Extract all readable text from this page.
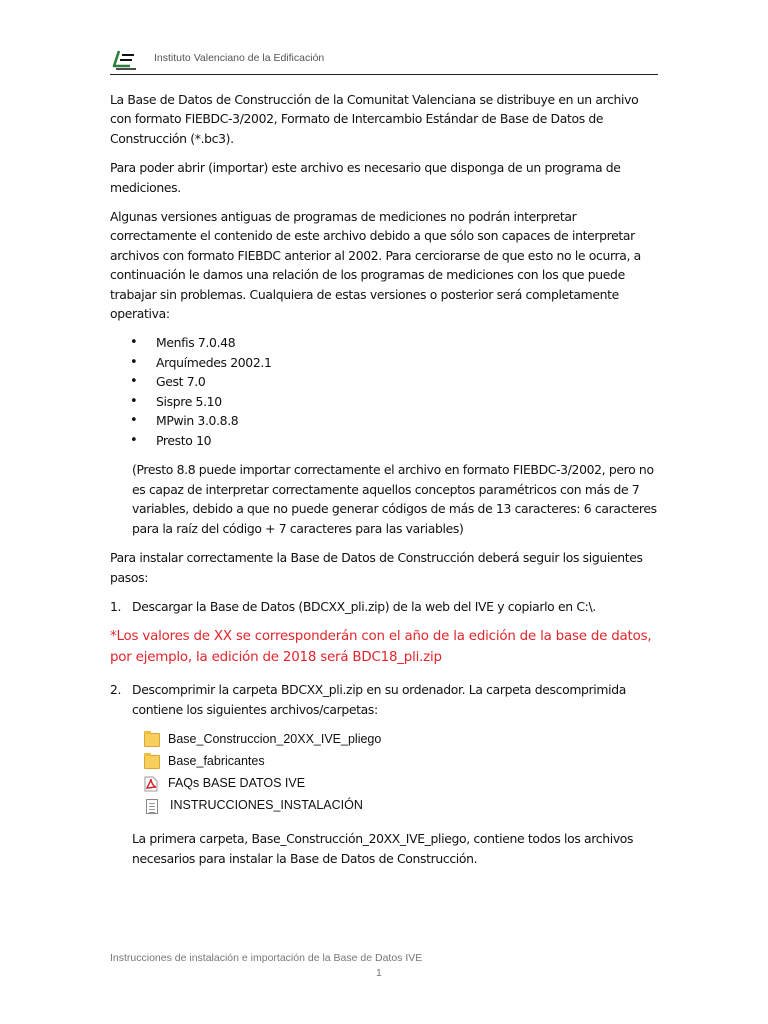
Instituto Valenciano de la Edificación

La Base de Datos de Construcción de la Comunitat Valenciana se distribuye en un archivo con formato FIEBDC-3/2002, Formato de Intercambio Estándar de Base de Datos de Construcción (*.bc3).

Para poder abrir (importar) este archivo es necesario que disponga de un programa de mediciones.

Algunas versiones antiguas de programas de mediciones no podrán interpretar correctamente el contenido de este archivo debido a que sólo son capaces de interpretar archivos con formato FIEBDC anterior al 2002. Para cerciorarse de que esto no le ocurra, a continuación le damos una relación de los programas de mediciones con los que puede trabajar sin problemas. Cualquiera de estas versiones o posterior será completamente operativa:

• Menfis 7.0.48
• Arquímedes 2002.1
• Gest 7.0
• Sispre 5.10
• MPwin 3.0.8.8
• Presto 10

(Presto 8.8 puede importar correctamente el archivo en formato FIEBDC-3/2002, pero no es capaz de interpretar correctamente aquellos conceptos paramétricos con más de 7 variables, debido a que no puede generar códigos de más de 13 caracteres: 6 caracteres para la raíz del código + 7 caracteres para las variables)

Para instalar correctamente la Base de Datos de Construcción deberá seguir los siguientes pasos:

1. Descargar la Base de Datos (BDCXX_pli.zip) de la web del IVE y copiarlo en C:\.

*Los valores de XX se corresponderán con el año de la edición de la base de datos, por ejemplo, la edición de 2018 será BDC18_pli.zip

2. Descomprimir la carpeta BDCXX_pli.zip en su ordenador. La carpeta descomprimida contiene los siguientes archivos/carpetas:
Base_Construccion_20XX_IVE_pliego
Base_fabricantes
FAQs BASE DATOS IVE
INSTRUCCIONES_INSTALACIÓN

La primera carpeta, Base_Construcción_20XX_IVE_pliego, contiene todos los archivos necesarios para instalar la Base de Datos de Construcción.

Instrucciones de instalación e importación de la Base de Datos IVE
1
